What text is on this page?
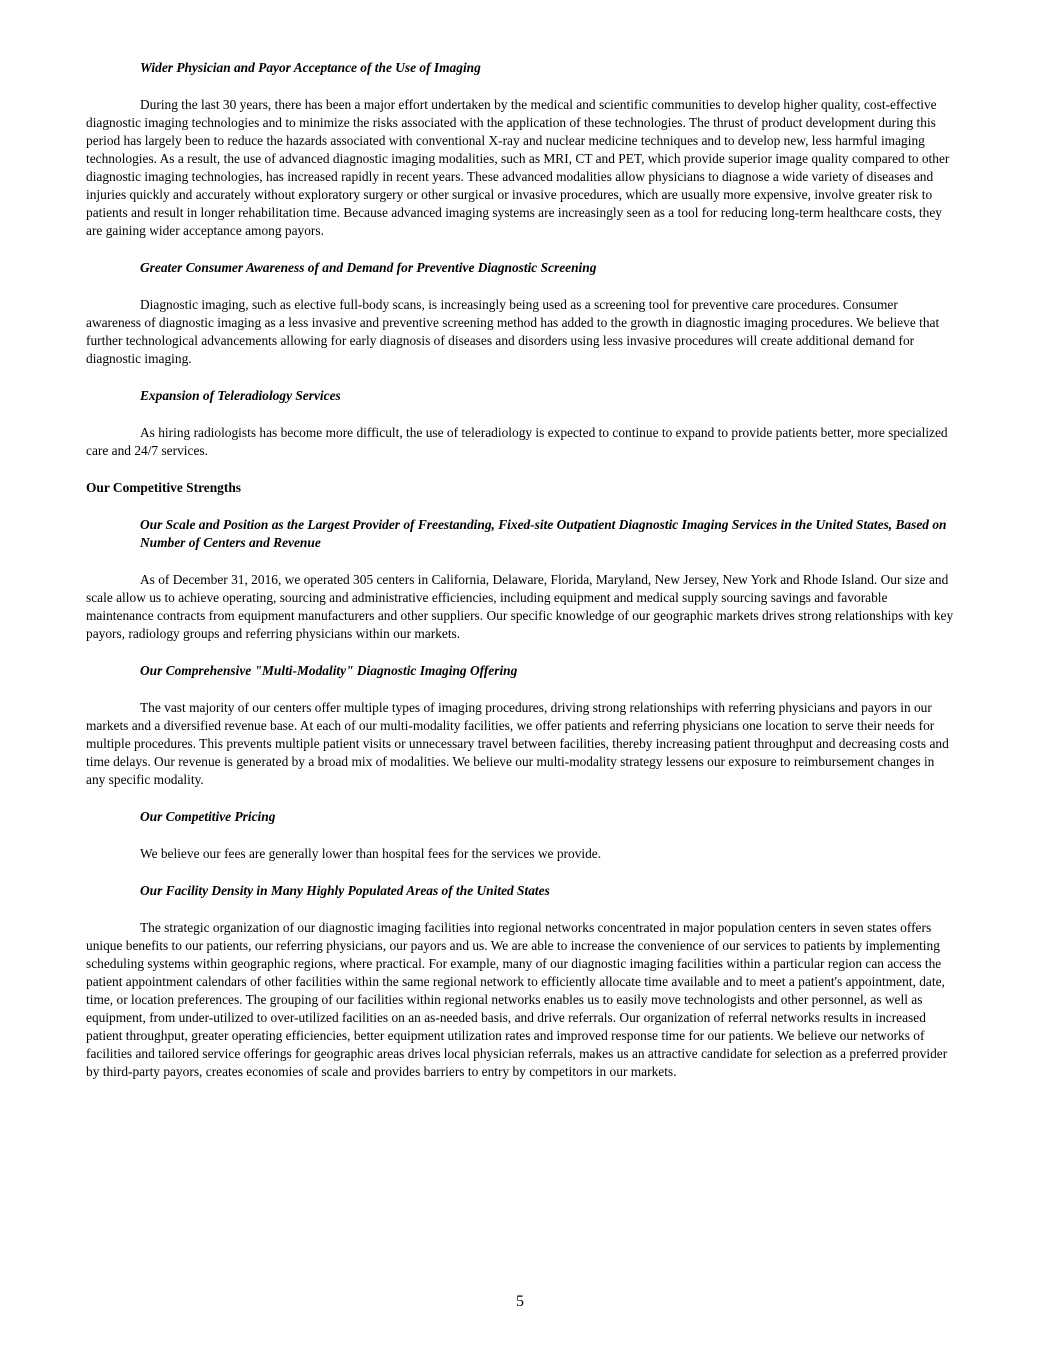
Wider Physician and Payor Acceptance of the Use of Imaging

During the last 30 years, there has been a major effort undertaken by the medical and scientific communities to develop higher quality, cost-effective diagnostic imaging technologies and to minimize the risks associated with the application of these technologies. The thrust of product development during this period has largely been to reduce the hazards associated with conventional X-ray and nuclear medicine techniques and to develop new, less harmful imaging technologies. As a result, the use of advanced diagnostic imaging modalities, such as MRI, CT and PET, which provide superior image quality compared to other diagnostic imaging technologies, has increased rapidly in recent years. These advanced modalities allow physicians to diagnose a wide variety of diseases and injuries quickly and accurately without exploratory surgery or other surgical or invasive procedures, which are usually more expensive, involve greater risk to patients and result in longer rehabilitation time. Because advanced imaging systems are increasingly seen as a tool for reducing long-term healthcare costs, they are gaining wider acceptance among payors.

Greater Consumer Awareness of and Demand for Preventive Diagnostic Screening

Diagnostic imaging, such as elective full-body scans, is increasingly being used as a screening tool for preventive care procedures. Consumer awareness of diagnostic imaging as a less invasive and preventive screening method has added to the growth in diagnostic imaging procedures. We believe that further technological advancements allowing for early diagnosis of diseases and disorders using less invasive procedures will create additional demand for diagnostic imaging.

Expansion of Teleradiology Services

As hiring radiologists has become more difficult, the use of teleradiology is expected to continue to expand to provide patients better, more specialized care and 24/7 services.

Our Competitive Strengths

Our Scale and Position as the Largest Provider of Freestanding, Fixed-site Outpatient Diagnostic Imaging Services in the United States, Based on Number of Centers and Revenue

As of December 31, 2016, we operated 305 centers in California, Delaware, Florida, Maryland, New Jersey, New York and Rhode Island. Our size and scale allow us to achieve operating, sourcing and administrative efficiencies, including equipment and medical supply sourcing savings and favorable maintenance contracts from equipment manufacturers and other suppliers. Our specific knowledge of our geographic markets drives strong relationships with key payors, radiology groups and referring physicians within our markets.

Our Comprehensive "Multi-Modality" Diagnostic Imaging Offering

The vast majority of our centers offer multiple types of imaging procedures, driving strong relationships with referring physicians and payors in our markets and a diversified revenue base. At each of our multi-modality facilities, we offer patients and referring physicians one location to serve their needs for multiple procedures. This prevents multiple patient visits or unnecessary travel between facilities, thereby increasing patient throughput and decreasing costs and time delays. Our revenue is generated by a broad mix of modalities. We believe our multi-modality strategy lessens our exposure to reimbursement changes in any specific modality.

Our Competitive Pricing

We believe our fees are generally lower than hospital fees for the services we provide.

Our Facility Density in Many Highly Populated Areas of the United States

The strategic organization of our diagnostic imaging facilities into regional networks concentrated in major population centers in seven states offers unique benefits to our patients, our referring physicians, our payors and us. We are able to increase the convenience of our services to patients by implementing scheduling systems within geographic regions, where practical. For example, many of our diagnostic imaging facilities within a particular region can access the patient appointment calendars of other facilities within the same regional network to efficiently allocate time available and to meet a patient's appointment, date, time, or location preferences. The grouping of our facilities within regional networks enables us to easily move technologists and other personnel, as well as equipment, from under-utilized to over-utilized facilities on an as-needed basis, and drive referrals. Our organization of referral networks results in increased patient throughput, greater operating efficiencies, better equipment utilization rates and improved response time for our patients. We believe our networks of facilities and tailored service offerings for geographic areas drives local physician referrals, makes us an attractive candidate for selection as a preferred provider by third-party payors, creates economies of scale and provides barriers to entry by competitors in our markets.

5
